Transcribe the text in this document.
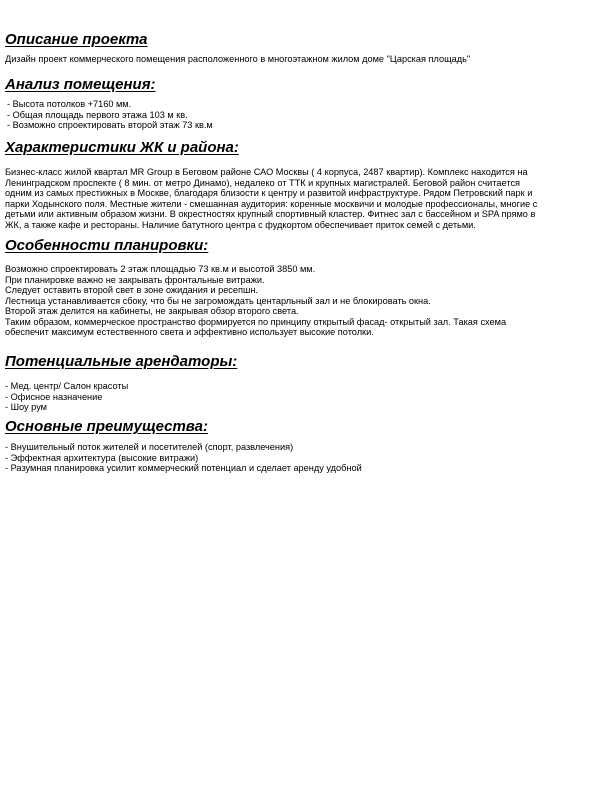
Описание проекта

Дизайн проект коммерческого помещения расположенного в многоэтажном жилом доме "Царская площадь"

Анализ помещения:
- Высота потолков +7160 мм.
- Общая площадь первого этажа 103 м кв.
- Возможно спроектировать второй этаж 73 кв.м
Характеристики ЖК и района:

Бизнес-класс жилой квартал MR Group в Беговом районе САО Москвы ( 4 корпуса, 2487 квартир). Комплекс находится на
Ленинградском проспекте ( 8 мин. от метро Динамо), недалеко от ТТК и крупных магистралей. Беговой район считается
одним из самых престижных в Москве, благодаря близости к центру и развитой инфраструктуре. Рядом Петровский парк и
парки Ходынского поля. Местные жители - смешанная аудитория: коренные москвичи и молодые профессионалы, многие с
детьми или активным образом жизни. В окрестностях крупный спортивный кластер. Фитнес зал с бассейном и SPA прямо в
ЖК, а также кафе и рестораны. Наличие батутного центра с фудкортом обеспечивает приток семей с детьми.

Особенности планировки:

Возможно спроектировать 2 этаж площадью 73 кв.м и высотой 3850 мм.
При планировке важно не закрывать фронтальные витражи.
Следует оставить второй свет в зоне ожидания и ресепшн.
Лестница устанавливается сбоку, что бы не загромождать центарльный зал и не блокировать окна.
Второй этаж делится на кабинеты, не закрывая обзор второго света.
Таким образом, коммерческое пространство формируется по принципу открытый фасад- открытый зал. Такая схема
обеспечит максимум естественного света и эффективно использует высокие потолки.

Потенциальные арендаторы:
- Мед. центр/ Салон красоты
- Офисное назначение
- Шоу рум
Основные преимущества:
- Внушительный поток жителей и посетителей (спорт, развлечения)
- Эффектная архитектура (высокие витражи)
- Разумная планировка усилит коммерческий потенциал и сделает аренду удобной
